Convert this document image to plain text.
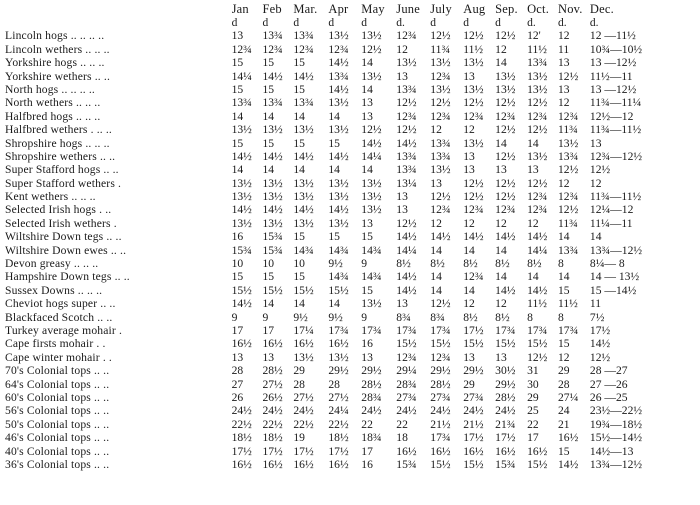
	Jan	Feb	Mar.	Apr	May	June	July	Aug	Sep.	Oct.	Nov.	Dec.
	d	d	d	d	d	d.	d	d	d	d.	d.	d.
Lincoln hogs .. .. .. ..	13	13¾	13¾	13½	13½	12¾	12½	12½	12½	12'	12	12 —11½
Lincoln wethers .. .. ..	12¾	12¾	12¾	12¾	12½	12	11¾	11½	12	11½	11	10¾—10½
Yorkshire hogs .. .. ..	15	15	15	14½	14	13½	13½	13½	14	13¾	13	13 —12½
Yorkshire wethers .. ..	14¼	14½	14½	13¾	13½	13	12¾	13	13½	13½	12½	11½—11
North hogs .. .. .. ..	15	15	15	14½	14	13¾	13½	13½	13½	13½	13	13 —12½
North wethers .. .. ..	13¾	13¾	13¾	13½	13	12½	12½	12½	12½	12½	12	11¾—11¼
Halfbred hogs .. .. ..	14	14	14	14	13	12¾	12¾	12¾	12¾	12¾	12¾	12½—12
Halfbred wethers . .. ..	13½	13½	13½	13½	12½	12½	12	12	12½	12½	11¾	11¾—11½
Shropshire hogs .. .. ..	15	15	15	15	14½	14½	13¾	13½	14	14	13½	13
Shropshire wethers .. ..	14½	14½	14½	14½	14¼	13¾	13¾	13	12½	13½	13¾	12¾—12½
Super Stafford hogs .. ..	14	14	14	14	14	13¾	13½	13	13	13	12½	12½
Super Stafford wethers .	13½	13½	13½	13½	13½	13¼	13	12½	12½	12½	12	12
Kent wethers .. .. ..	13½	13½	13½	13½	13½	13	12½	12½	12½	12¾	12¾	11¾—11½
Selected Irish hogs . ..	14½	14½	14½	14½	13½	13	12¾	12¾	12¾	12¾	12½	12¼—12
Selected Irish wethers .	13½	13½	13½	13½	13	12½	12	12	12	12	11¾	11¼—11
Wiltshire Down tegs .. ..	16	15¾	15	15	15	14½	14½	14½	14½	14½	14	14
Wiltshire Down ewes .. ..	15¾	15¾	14¾	14¾	14¾	14¼	14	14	14	14¼	13¾	13¾—12½
Devon greasy .. .. ..	10	10	10	9½	9	8½	8½	8½	8½	8½	8	8¼— 8
Hampshire Down tegs .. ..	15	15	15	14¾	14¾	14½	14	12¾	14	14	14	14 — 13½
Sussex Downs .. .. ..	15½	15½	15½	15½	15	14½	14	14	14½	14½	15	15 —14½
Cheviot hogs super .. ..	14½	14	14	14	13½	13	12½	12	12	11½	11½	11
Blackfaced Scotch .. ..	9	9	9½	9½	9	8¾	8¾	8½	8½	8	8	7½
Turkey average mohair .	17	17	17¼	17¾	17¾	17¾	17¾	17½	17¾	17¾	17¾	17½
Cape firsts mohair . .	16½	16½	16½	16½	16	15½	15½	15½	15½	15½	15	14½
Cape winter mohair . .	13	13	13½	13½	13	12¾	12¾	13	13	12½	12	12½
70's Colonial tops .. ..	28	28½	29	29½	29½	29¼	29½	29½	30½	31	29	28 —27
64's Colonial tops .. ..	27	27½	28	28	28½	28¾	28½	29	29½	30	28	27 —26
60's Colonial tops .. ..	26	26½	27½	27½	28¾	27¾	27¾	27¾	28½	29	27¼	26 —25
56's Colonial tops .. ..	24½	24½	24½	24¼	24½	24½	24½	24½	24½	25	24	23½—22½
50's Colonial tops .. ..	22½	22½	22½	22½	22	22	21½	21½	21¾	22	21	19¾—18½
46's Colonial tops .. ..	18½	18½	19	18½	18¾	18	17¾	17½	17½	17	16½	15½—14½
40's Colonial tops .. ..	17½	17½	17½	17½	17	16½	16½	16½	16½	16½	15	14½—13
36's Colonial tops .. ..	16½	16½	16½	16½	16	15¾	15½	15½	15¾	15½	14½	13¾—12½
